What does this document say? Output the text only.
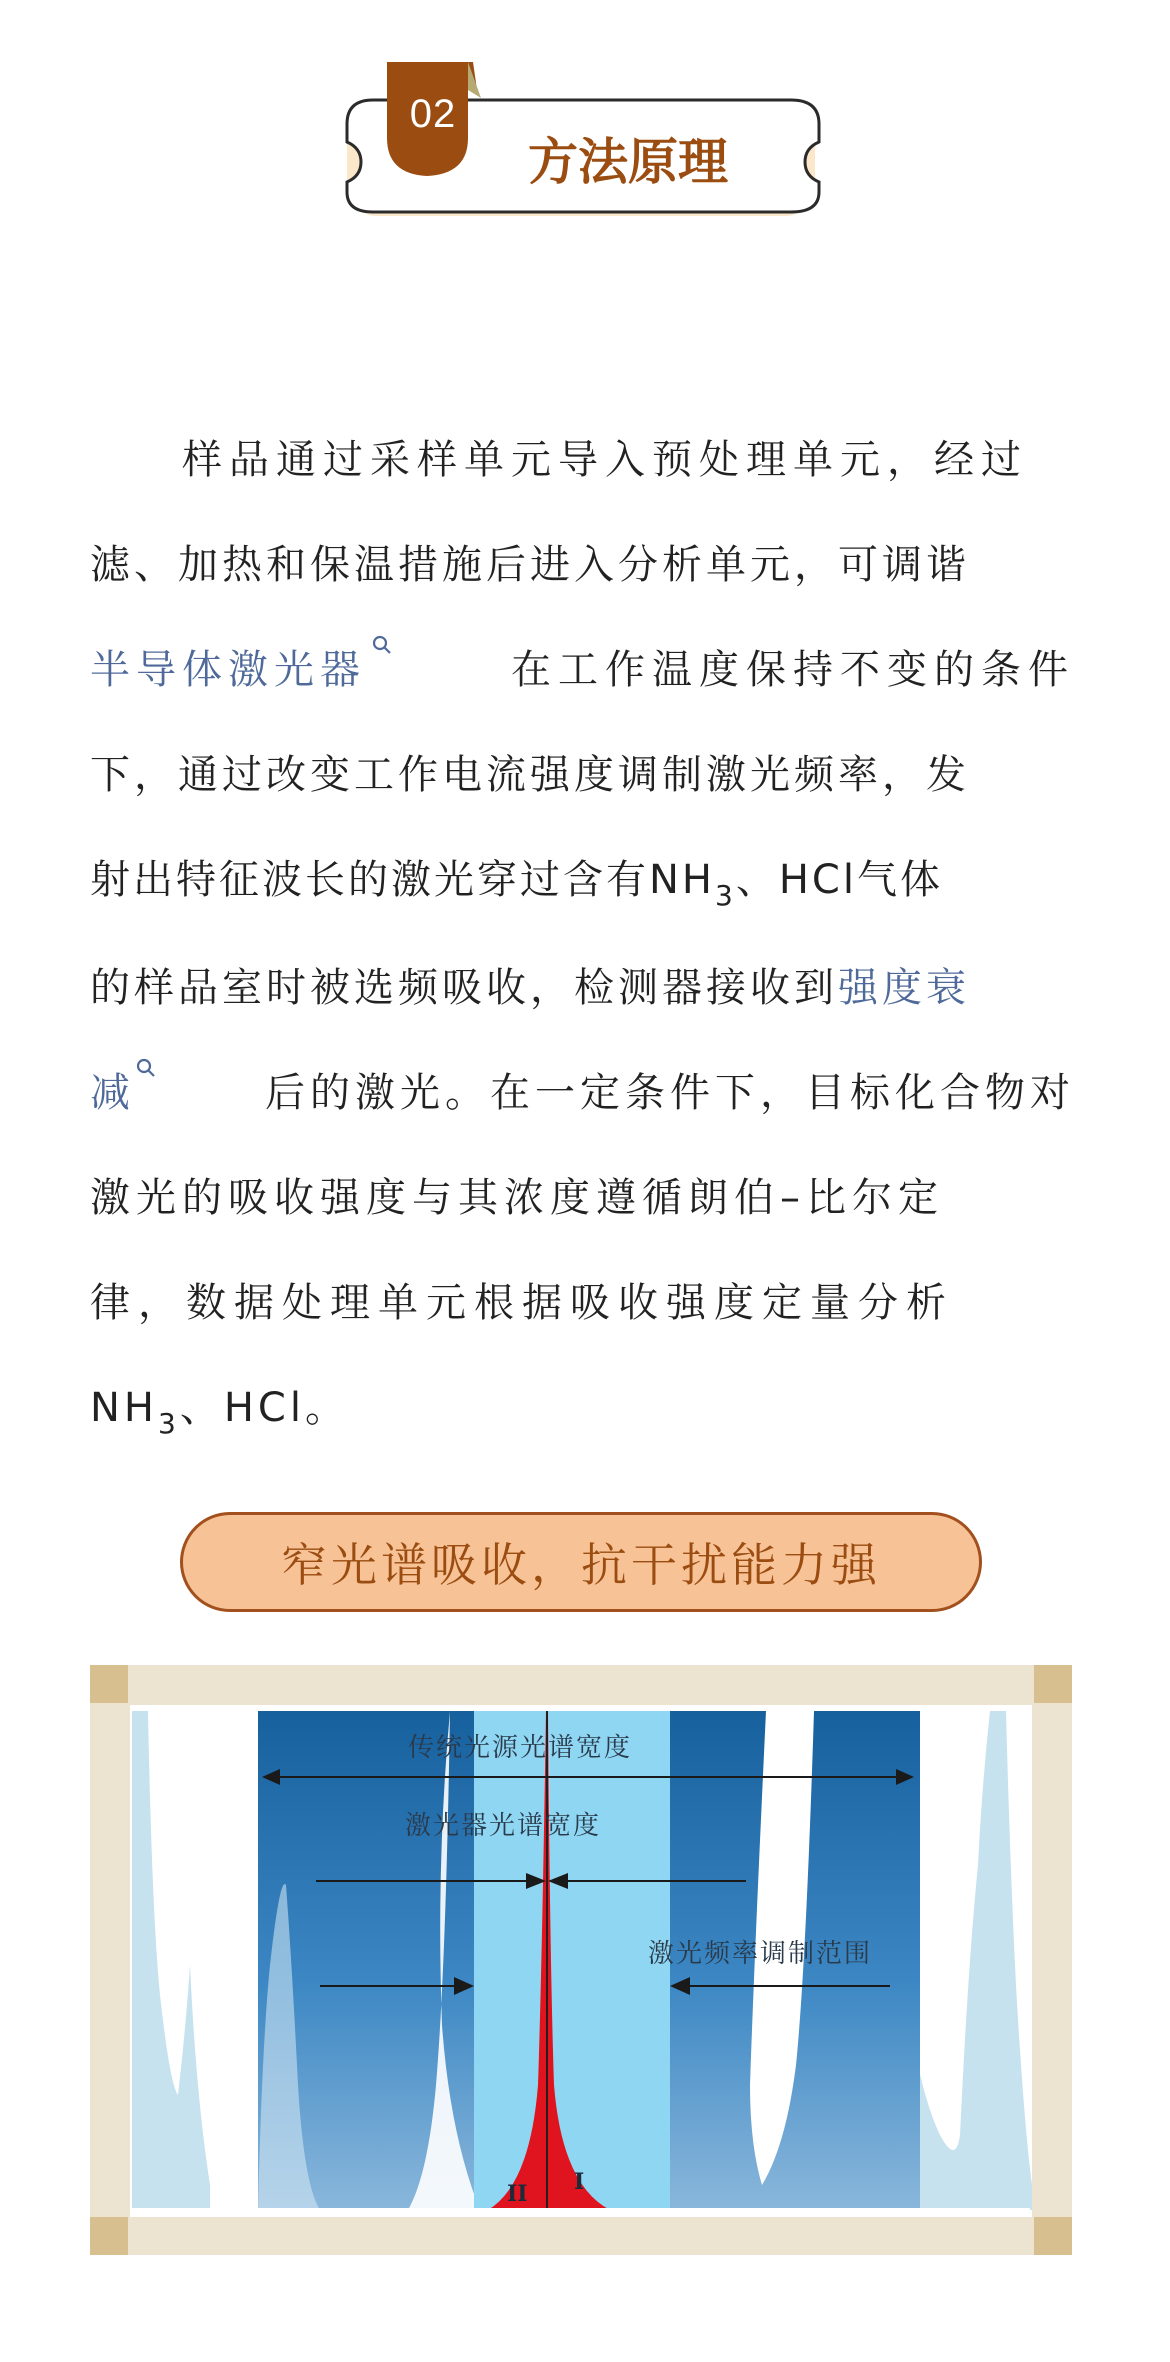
02
方法原理
样品通过采样单元导入预处理单元，经过
滤、加热和保温措施后进入分析单元，可调谐
半导体激光器	在工作温度保持不变的条件
下，通过改变工作电流强度调制激光频率，发
射出特征波长的激光穿过含有$NH_3$、HCl气体
的样品室时被选频吸收，检测器接收到强度衰
减	后的激光。在一定条件下，目标化合物对
激光的吸收强度与其浓度遵循朗伯–比尔定
律，数据处理单元根据吸收强度定量分析
$NH_3$、HCl。
窄光谱吸收，抗干扰能力强
传统光源光谱宽度
激光器光谱宽度
激光频率调制范围
II I
